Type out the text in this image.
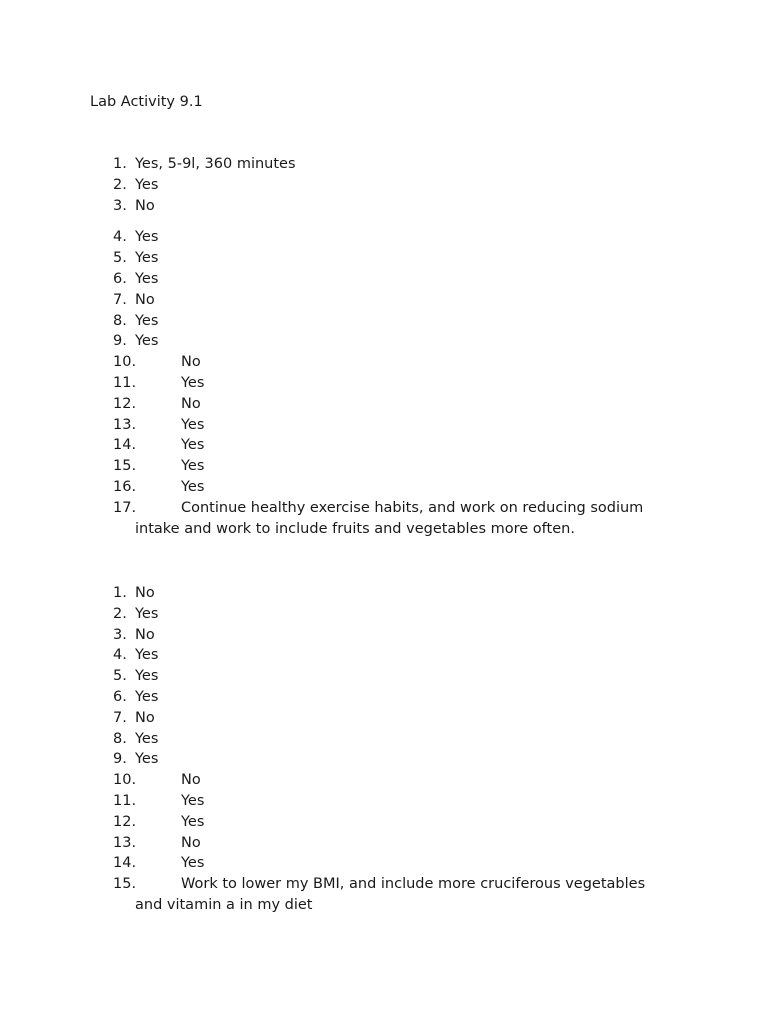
Lab Activity 9.1
1. Yes, 5-9l, 360 minutes
2. Yes
3. No
4. Yes
5. Yes
6. Yes
7. No
8. Yes
9. Yes
10.	No
11.	Yes
12.	No
13.	Yes
14.	Yes
15.	Yes
16.	Yes
17.	Continue healthy exercise habits, and work on reducing sodium intake and work to include fruits and vegetables more often.
1. No
2. Yes
3. No
4. Yes
5. Yes
6. Yes
7. No
8. Yes
9. Yes
10.	No
11.	Yes
12.	Yes
13.	No
14.	Yes
15.	Work to lower my BMI, and include more cruciferous vegetables and vitamin a in my diet
